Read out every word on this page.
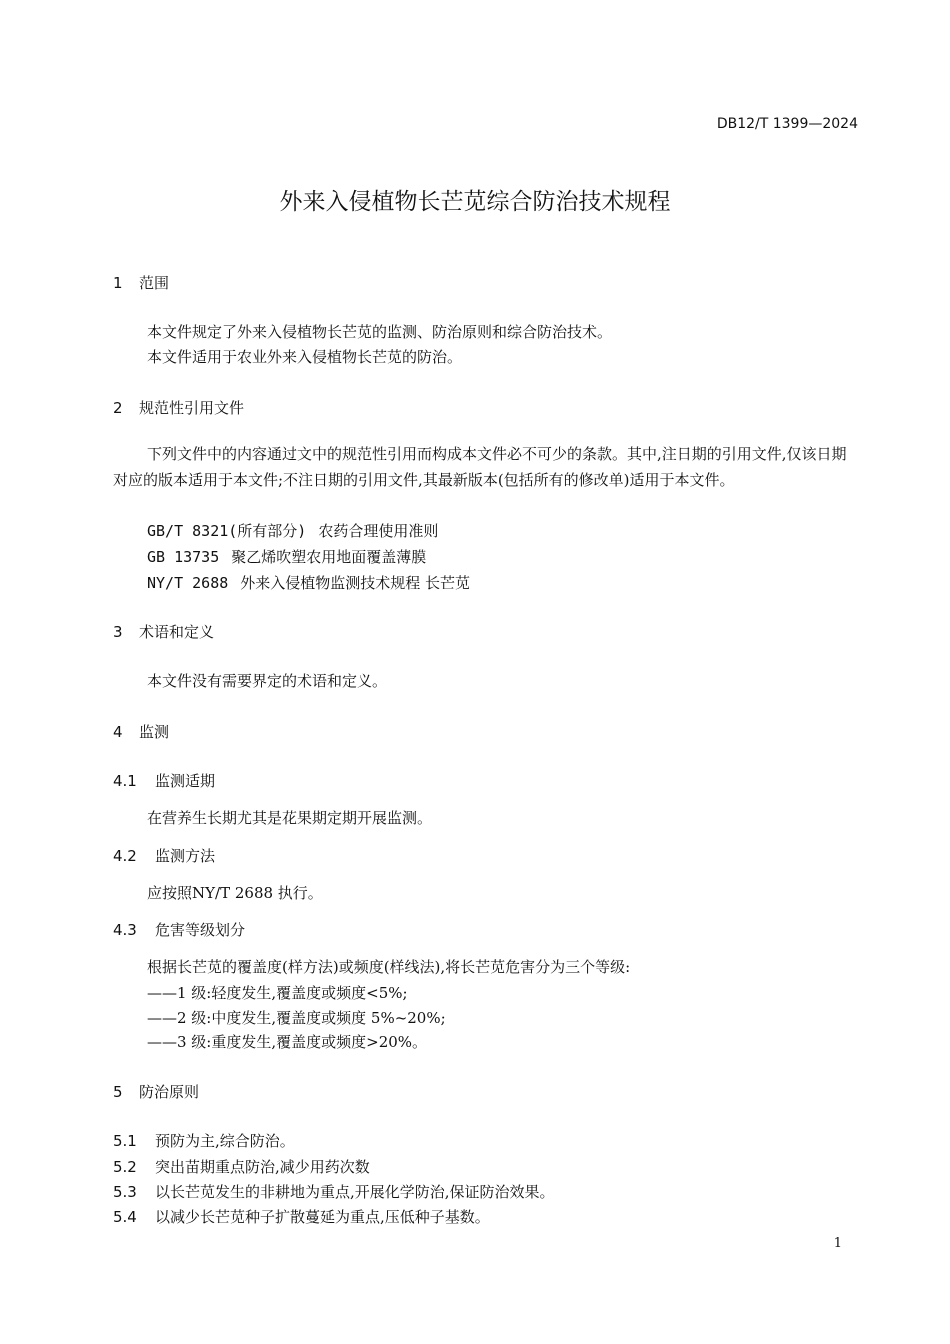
DB12/T 1399—2024
外来入侵植物长芒苋综合防治技术规程
1 范围
本文件规定了外来入侵植物长芒苋的监测、防治原则和综合防治技术。
本文件适用于农业外来入侵植物长芒苋的防治。
2 规范性引用文件
下列文件中的内容通过文中的规范性引用而构成本文件必不可少的条款。其中,注日期的引用文件,仅该日期对应的版本适用于本文件;不注日期的引用文件,其最新版本(包括所有的修改单)适用于本文件。
GB/T 8321(所有部分) 农药合理使用准则
GB 13735 聚乙烯吹塑农用地面覆盖薄膜
NY/T 2688 外来入侵植物监测技术规程 长芒苋
3 术语和定义
本文件没有需要界定的术语和定义。
4 监测
4.1 监测适期
在营养生长期尤其是花果期定期开展监测。
4.2 监测方法
应按照NY/T 2688 执行。
4.3 危害等级划分
根据长芒苋的覆盖度(样方法)或频度(样线法),将长芒苋危害分为三个等级:
——1 级:轻度发生,覆盖度或频度<5%;
——2 级:中度发生,覆盖度或频度 5%~20%;
——3 级:重度发生,覆盖度或频度>20%。
5 防治原则
5.1 预防为主,综合防治。
5.2 突出苗期重点防治,减少用药次数
5.3 以长芒苋发生的非耕地为重点,开展化学防治,保证防治效果。
5.4 以减少长芒苋种子扩散蔓延为重点,压低种子基数。
1
